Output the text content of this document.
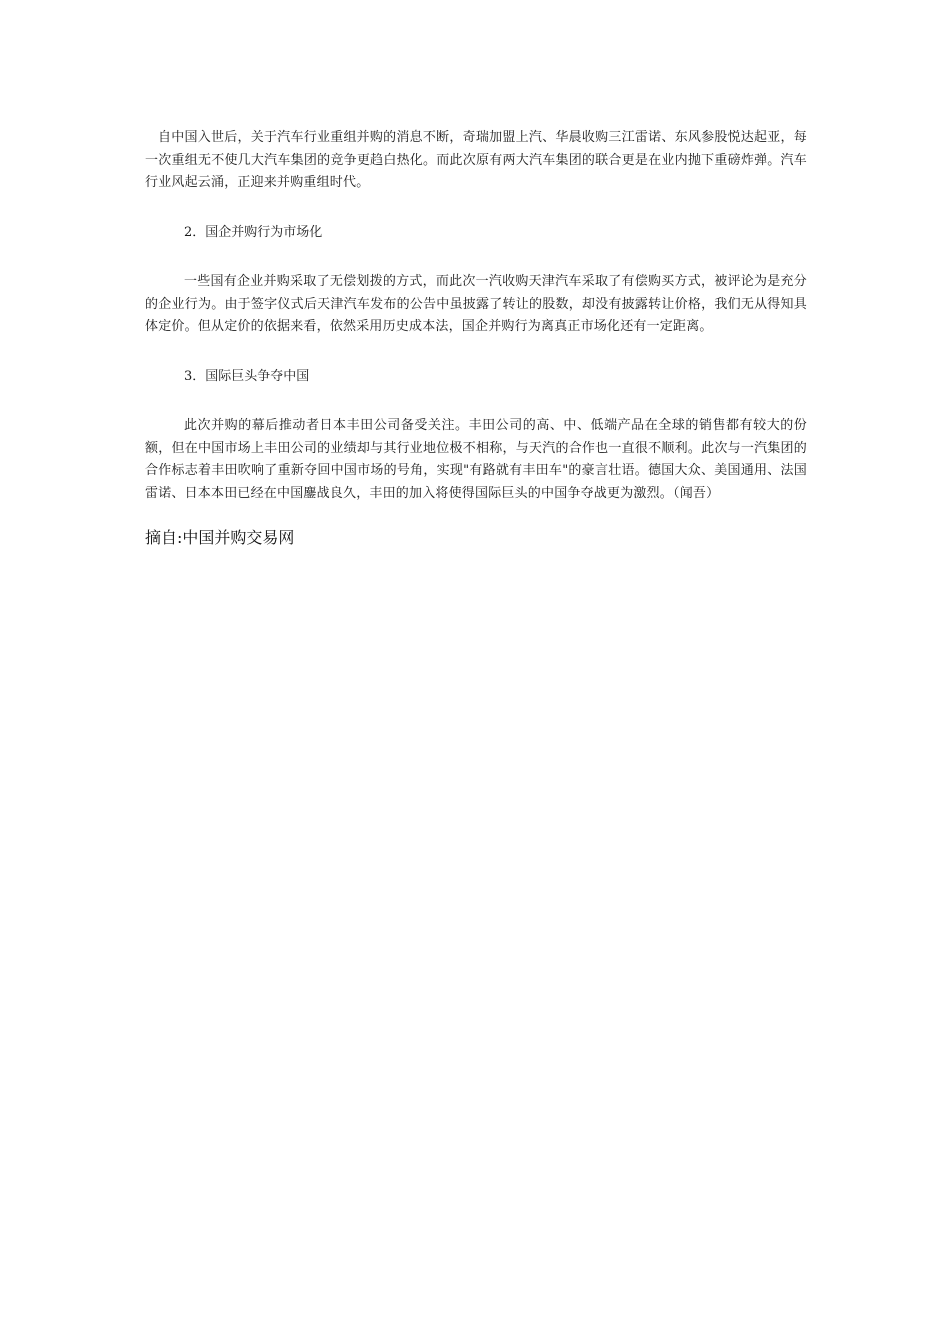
自中国入世后，关于汽车行业重组并购的消息不断，奇瑞加盟上汽、华晨收购三江雷诺、东风参股悦达起亚，每一次重组无不使几大汽车集团的竞争更趋白热化。而此次原有两大汽车集团的联合更是在业内抛下重磅炸弹。汽车行业风起云涌，正迎来并购重组时代。

2．国企并购行为市场化

一些国有企业并购采取了无偿划拨的方式，而此次一汽收购天津汽车采取了有偿购买方式，被评论为是充分的企业行为。由于签字仪式后天津汽车发布的公告中虽披露了转让的股数，却没有披露转让价格，我们无从得知具体定价。但从定价的依据来看，依然采用历史成本法，国企并购行为离真正市场化还有一定距离。

3．国际巨头争夺中国

此次并购的幕后推动者日本丰田公司备受关注。丰田公司的高、中、低端产品在全球的销售都有较大的份额，但在中国市场上丰田公司的业绩却与其行业地位极不相称，与天汽的合作也一直很不顺利。此次与一汽集团的合作标志着丰田吹响了重新夺回中国市场的号角，实现"有路就有丰田车"的豪言壮语。德国大众、美国通用、法国雷诺、日本本田已经在中国鏖战良久，丰田的加入将使得国际巨头的中国争夺战更为激烈。（闻吾）

摘自:中国并购交易网
